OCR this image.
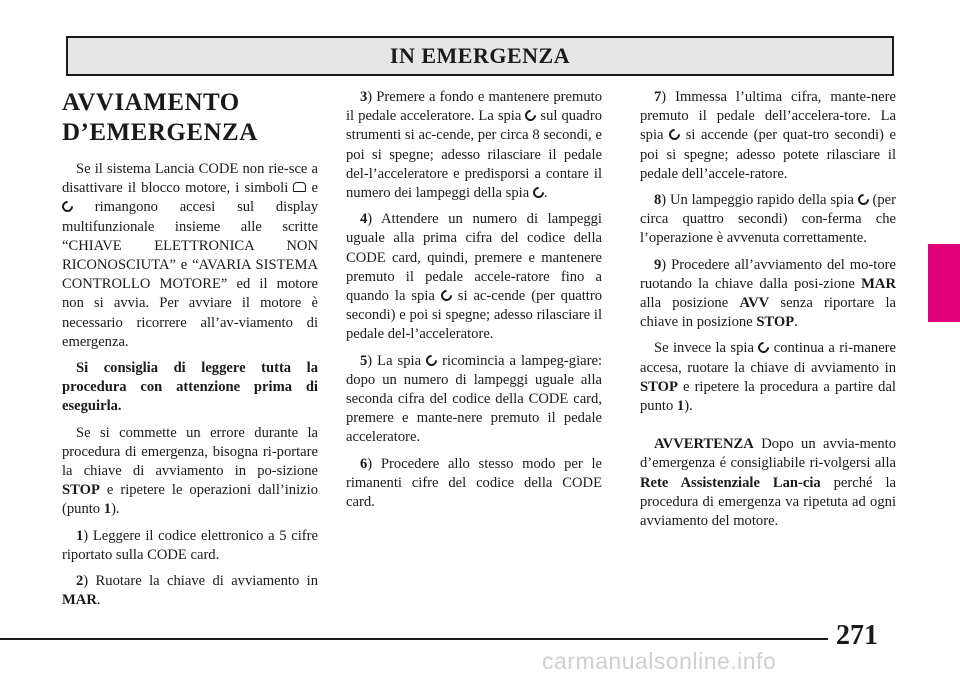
IN EMERGENZA
AVVIAMENTO
D’EMERGENZA

Se il sistema Lancia CODE non rie-sce a disattivare il blocco motore, i simboli  e  rimangono accesi sul display multifunzionale insieme alle scritte “CHIAVE ELETTRONICA NON RICONOSCIUTA” e “AVARIA SISTEMA CONTROLLO MOTORE” ed il motore non si avvia. Per avviare il motore è necessario ricorrere all’av-viamento di emergenza.

Si consiglia di leggere tutta la procedura con attenzione prima di eseguirla.

Se si commette un errore durante la procedura di emergenza, bisogna ri-portare la chiave di avviamento in po-sizione STOP e ripetere le operazioni dall’inizio (punto 1).

1) Leggere il codice elettronico a 5 cifre riportato sulla CODE card.

2) Ruotare la chiave di avviamento in MAR.

3) Premere a fondo e mantenere premuto il pedale acceleratore. La spia  sul quadro strumenti si ac-cende, per circa 8 secondi, e poi si spegne; adesso rilasciare il pedale del-l’acceleratore e predisporsi a contare il numero dei lampeggi della spia .

4) Attendere un numero di lampeggi uguale alla prima cifra del codice della CODE card, quindi, premere e mantenere premuto il pedale accele-ratore fino a quando la spia  si ac-cende (per quattro secondi) e poi si spegne; adesso rilasciare il pedale del-l’acceleratore.

5) La spia  ricomincia a lampeg-giare: dopo un numero di lampeggi uguale alla seconda cifra del codice della CODE card, premere e mante-nere premuto il pedale acceleratore.

6) Procedere allo stesso modo per le rimanenti cifre del codice della CODE card.

7) Immessa l’ultima cifra, mante-nere premuto il pedale dell’accelera-tore. La spia  si accende (per quat-tro secondi) e poi si spegne; adesso potete rilasciare il pedale dell’accele-ratore.

8) Un lampeggio rapido della spia  (per circa quattro secondi) con-ferma che l’operazione è avvenuta correttamente.

9) Procedere all’avviamento del mo-tore ruotando la chiave dalla posi-zione MAR alla posizione AVV senza riportare la chiave in posizione STOP.

Se invece la spia  continua a ri-manere accesa, ruotare la chiave di avviamento in STOP e ripetere la procedura a partire dal punto 1).

AVVERTENZA Dopo un avvia-mento d’emergenza é consigliabile ri-volgersi alla Rete Assistenziale Lan-cia perché la procedura di emergenza va ripetuta ad ogni avviamento del motore.

271
carmanualsonline.info
